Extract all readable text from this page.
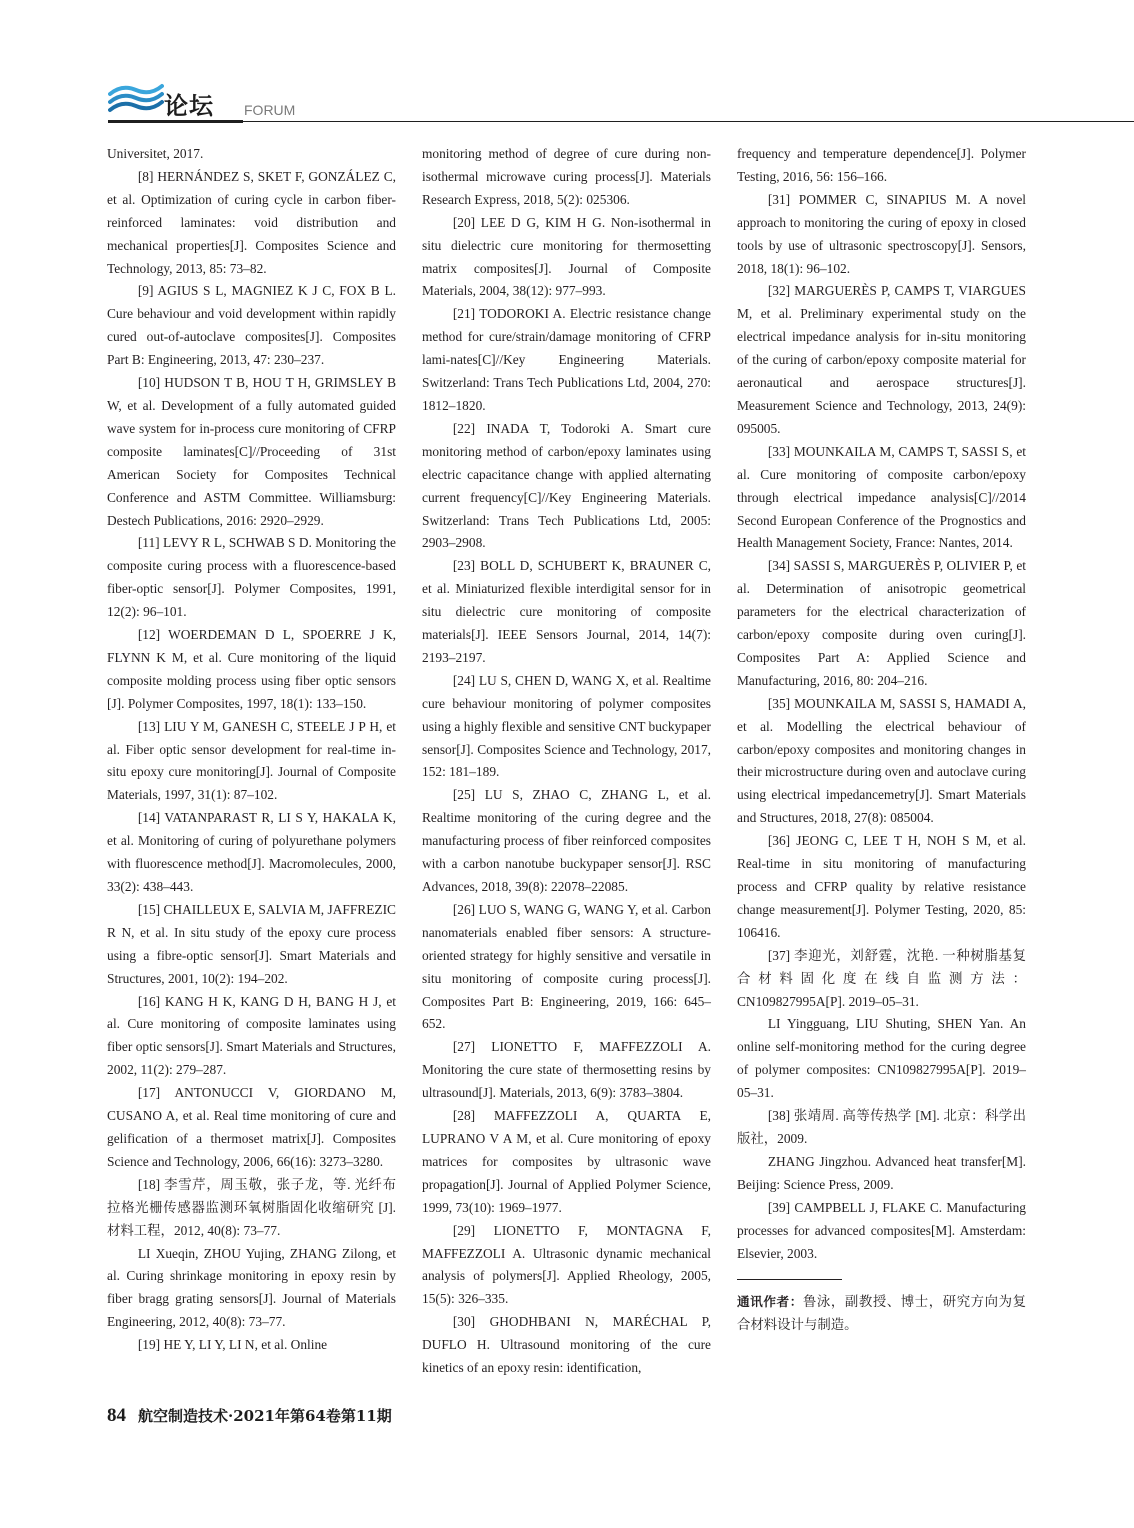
论坛 FORUM

Universitet, 2017.

[8] HERNÁNDEZ S, SKET F, GONZÁLEZ C, et al. Optimization of curing cycle in carbon fiber-reinforced laminates: void distribution and mechanical properties[J]. Composites Science and Technology, 2013, 85: 73–82.

[9] AGIUS S L, MAGNIEZ K J C, FOX B L. Cure behaviour and void development within rapidly cured out-of-autoclave composites[J]. Composites Part B: Engineering, 2013, 47: 230–237.

[10] HUDSON T B, HOU T H, GRIMSLEY B W, et al. Development of a fully automated guided wave system for in-process cure monitoring of CFRP composite laminates[C]//Proceeding of 31st American Society for Composites Technical Conference and ASTM Committee. Williamsburg: Destech Publications, 2016: 2920–2929.

[11] LEVY R L, SCHWAB S D. Monitoring the composite curing process with a fluorescence-based fiber-optic sensor[J]. Polymer Composites, 1991, 12(2): 96–101.

[12] WOERDEMAN D L, SPOERRE J K, FLYNN K M, et al. Cure monitoring of the liquid composite molding process using fiber optic sensors [J]. Polymer Composites, 1997, 18(1): 133–150.

[13] LIU Y M, GANESH C, STEELE J P H, et al. Fiber optic sensor development for real-time in-situ epoxy cure monitoring[J]. Journal of Composite Materials, 1997, 31(1): 87–102.

[14] VATANPARAST R, LI S Y, HAKALA K, et al. Monitoring of curing of polyurethane polymers with fluorescence method[J]. Macromolecules, 2000, 33(2): 438–443.

[15] CHAILLEUX E, SALVIA M, JAFFREZIC R N, et al. In situ study of the epoxy cure process using a fibre-optic sensor[J]. Smart Materials and Structures, 2001, 10(2): 194–202.

[16] KANG H K, KANG D H, BANG H J, et al. Cure monitoring of composite laminates using fiber optic sensors[J]. Smart Materials and Structures, 2002, 11(2): 279–287.

[17] ANTONUCCI V, GIORDANO M, CUSANO A, et al. Real time monitoring of cure and gelification of a thermoset matrix[J]. Composites Science and Technology, 2006, 66(16): 3273–3280.

[18] 李雪芹，周玉敬，张子龙，等. 光纤布拉格光栅传感器监测环氧树脂固化收缩研究 [J]. 材料工程，2012, 40(8): 73–77.

LI Xueqin, ZHOU Yujing, ZHANG Zilong, et al. Curing shrinkage monitoring in epoxy resin by fiber bragg grating sensors[J]. Journal of Materials Engineering, 2012, 40(8): 73–77.

[19] HE Y, LI Y, LI N, et al. Online

monitoring method of degree of cure during non-isothermal microwave curing process[J]. Materials Research Express, 2018, 5(2): 025306.

[20] LEE D G, KIM H G. Non-isothermal in situ dielectric cure monitoring for thermosetting matrix composites[J]. Journal of Composite Materials, 2004, 38(12): 977–993.

[21] TODOROKI A. Electric resistance change method for cure/strain/damage monitoring of CFRP lami-nates[C]//Key Engineering Materials. Switzerland: Trans Tech Publications Ltd, 2004, 270: 1812–1820.

[22] INADA T, Todoroki A. Smart cure monitoring method of carbon/epoxy laminates using electric capacitance change with applied alternating current frequency[C]//Key Engineering Materials. Switzerland: Trans Tech Publications Ltd, 2005: 2903–2908.

[23] BOLL D, SCHUBERT K, BRAUNER C, et al. Miniaturized flexible interdigital sensor for in situ dielectric cure monitoring of composite materials[J]. IEEE Sensors Journal, 2014, 14(7): 2193–2197.

[24] LU S, CHEN D, WANG X, et al. Realtime cure behaviour monitoring of polymer composites using a highly flexible and sensitive CNT buckypaper sensor[J]. Composites Science and Technology, 2017, 152: 181–189.

[25] LU S, ZHAO C, ZHANG L, et al. Realtime monitoring of the curing degree and the manufacturing process of fiber reinforced composites with a carbon nanotube buckypaper sensor[J]. RSC Advances, 2018, 39(8): 22078–22085.

[26] LUO S, WANG G, WANG Y, et al. Carbon nanomaterials enabled fiber sensors: A structure-oriented strategy for highly sensitive and versatile in situ monitoring of composite curing process[J]. Composites Part B: Engineering, 2019, 166: 645–652.

[27] LIONETTO F, MAFFEZZOLI A. Monitoring the cure state of thermosetting resins by ultrasound[J]. Materials, 2013, 6(9): 3783–3804.

[28] MAFFEZZOLI A, QUARTA E, LUPRANO V A M, et al. Cure monitoring of epoxy matrices for composites by ultrasonic wave propagation[J]. Journal of Applied Polymer Science, 1999, 73(10): 1969–1977.

[29] LIONETTO F, MONTAGNA F, MAFFEZZOLI A. Ultrasonic dynamic mechanical analysis of polymers[J]. Applied Rheology, 2005, 15(5): 326–335.

[30] GHODHBANI N, MARÉCHAL P, DUFLO H. Ultrasound monitoring of the cure kinetics of an epoxy resin: identification,

frequency and temperature dependence[J]. Polymer Testing, 2016, 56: 156–166.

[31] POMMER C, SINAPIUS M. A novel approach to monitoring the curing of epoxy in closed tools by use of ultrasonic spectroscopy[J]. Sensors, 2018, 18(1): 96–102.

[32] MARGUERÈS P, CAMPS T, VIARGUES M, et al. Preliminary experimental study on the electrical impedance analysis for in-situ monitoring of the curing of carbon/epoxy composite material for aeronautical and aerospace structures[J]. Measurement Science and Technology, 2013, 24(9): 095005.

[33] MOUNKAILA M, CAMPS T, SASSI S, et al. Cure monitoring of composite carbon/epoxy through electrical impedance analysis[C]//2014 Second European Conference of the Prognostics and Health Management Society, France: Nantes, 2014.

[34] SASSI S, MARGUERÈS P, OLIVIER P, et al. Determination of anisotropic geometrical parameters for the electrical characterization of carbon/epoxy composite during oven curing[J]. Composites Part A: Applied Science and Manufacturing, 2016, 80: 204–216.

[35] MOUNKAILA M, SASSI S, HAMADI A, et al. Modelling the electrical behaviour of carbon/epoxy composites and monitoring changes in their microstructure during oven and autoclave curing using electrical impedancemetry[J]. Smart Materials and Structures, 2018, 27(8): 085004.

[36] JEONG C, LEE T H, NOH S M, et al. Real-time in situ monitoring of manufacturing process and CFRP quality by relative resistance change measurement[J]. Polymer Testing, 2020, 85: 106416.

[37] 李迎光，刘舒霆，沈艳. 一种树脂基复合材料固化度在线自监测方法：CN109827995A[P]. 2019–05–31.

LI Yingguang, LIU Shuting, SHEN Yan. An online self-monitoring method for the curing degree of polymer composites: CN109827995A[P]. 2019–05–31.

[38] 张靖周. 高等传热学 [M]. 北京：科学出版社，2009.

ZHANG Jingzhou. Advanced heat transfer[M]. Beijing: Science Press, 2009.

[39] CAMPBELL J, FLAKE C. Manufacturing processes for advanced composites[M]. Amsterdam: Elsevier, 2003.

通讯作者：鲁泳，副教授、博士，研究方向为复合材料设计与制造。

84 航空制造技术·2021年第64卷第11期
